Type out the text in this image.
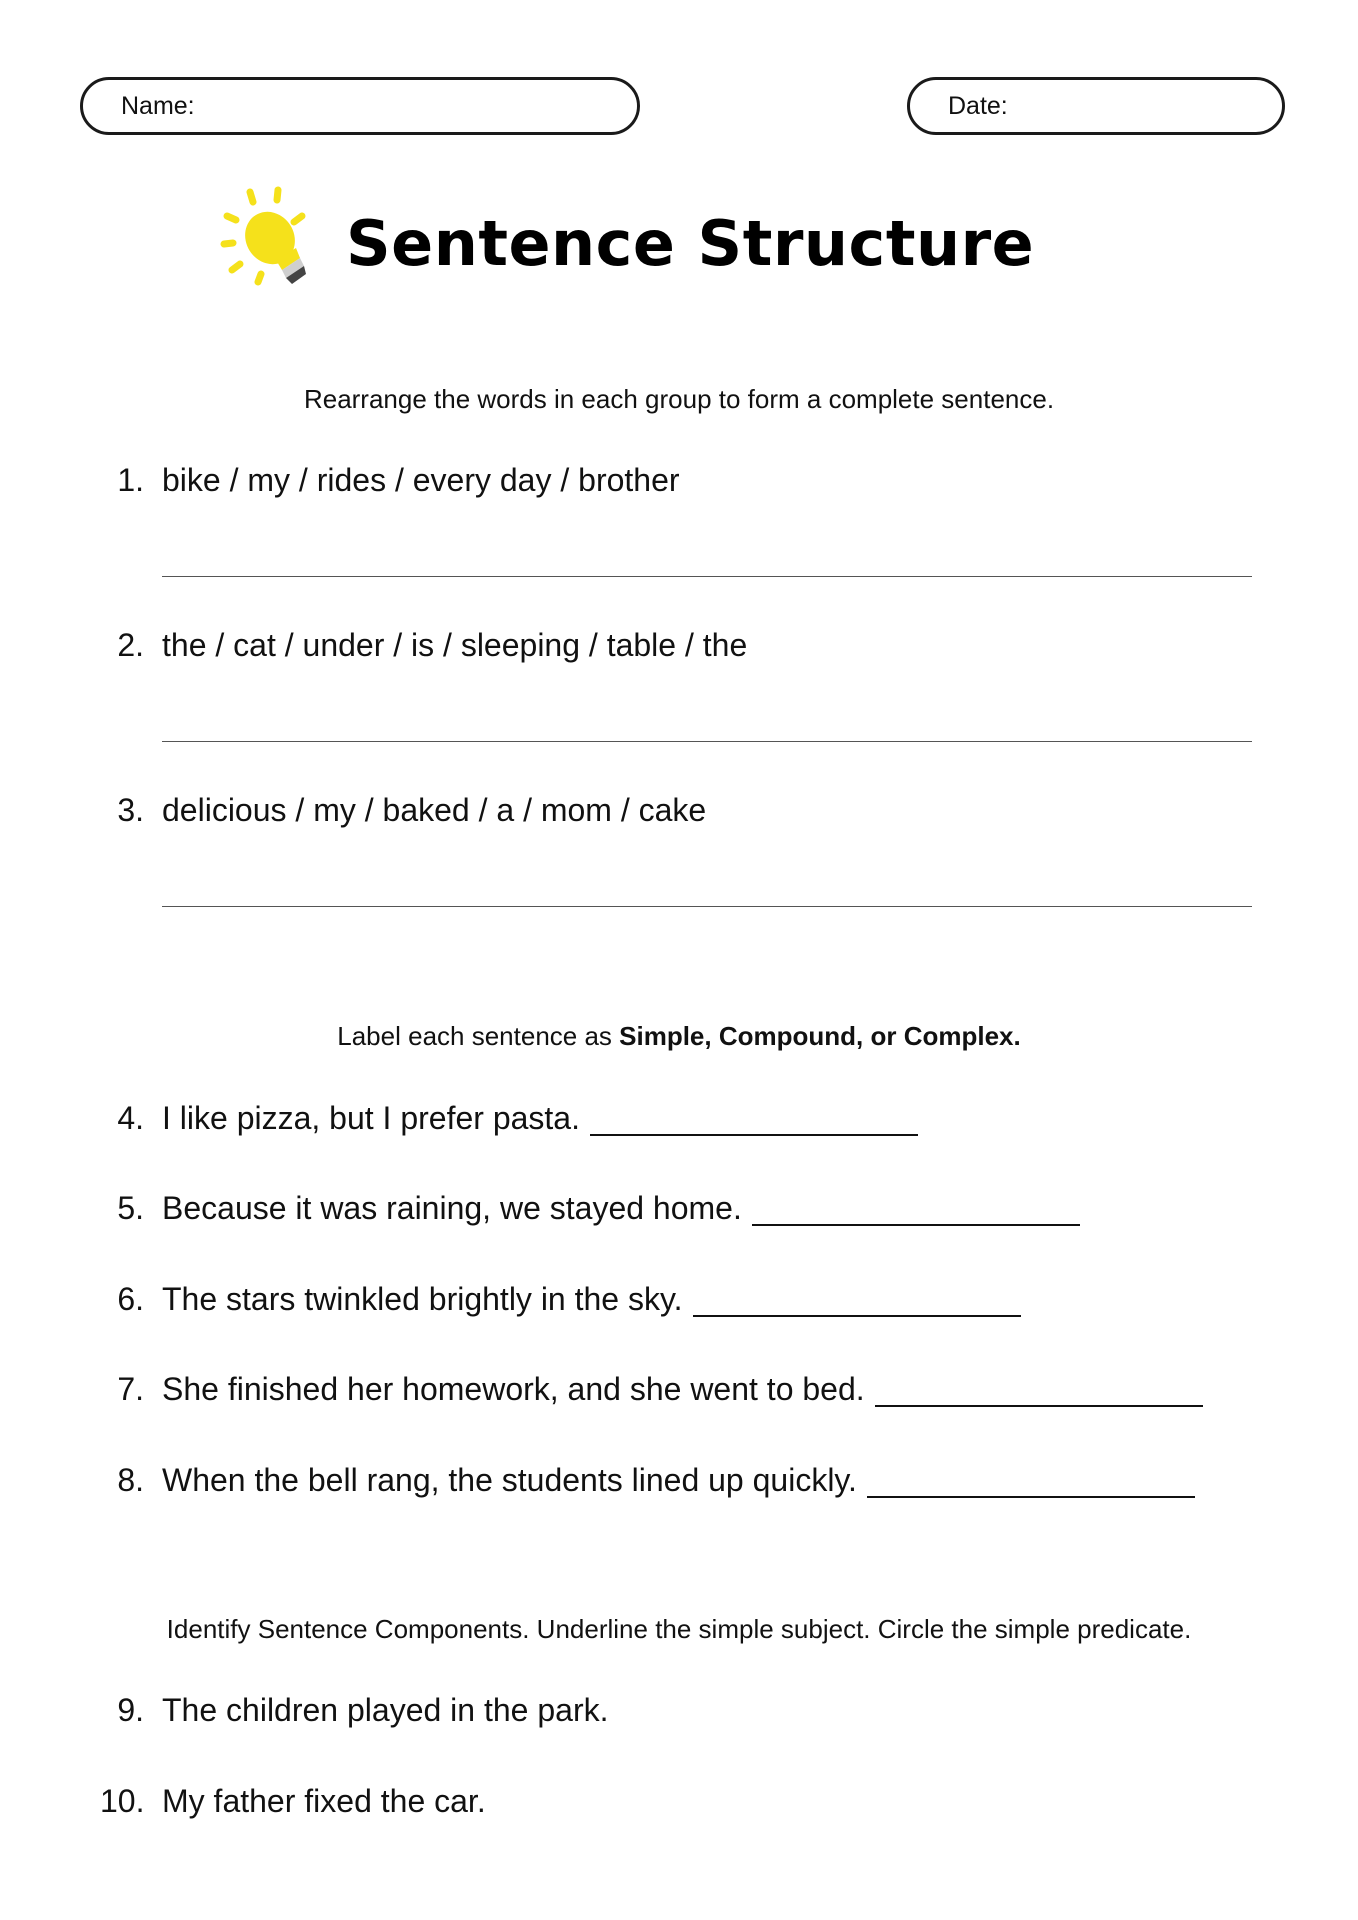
Name:	Date:
Sentence Structure
Rearrange the words in each group to form a complete sentence.
1. bike / my / rides / every day / brother
2. the / cat / under / is / sleeping / table / the
3. delicious / my / baked / a / mom / cake
Label each sentence as Simple, Compound, or Complex.
4. I like pizza, but I prefer pasta.
5. Because it was raining, we stayed home.
6. The stars twinkled brightly in the sky.
7. She finished her homework, and she went to bed.
8. When the bell rang, the students lined up quickly.
Identify Sentence Components. Underline the simple subject. Circle the simple predicate.
9. The children played in the park.
10. My father fixed the car.
